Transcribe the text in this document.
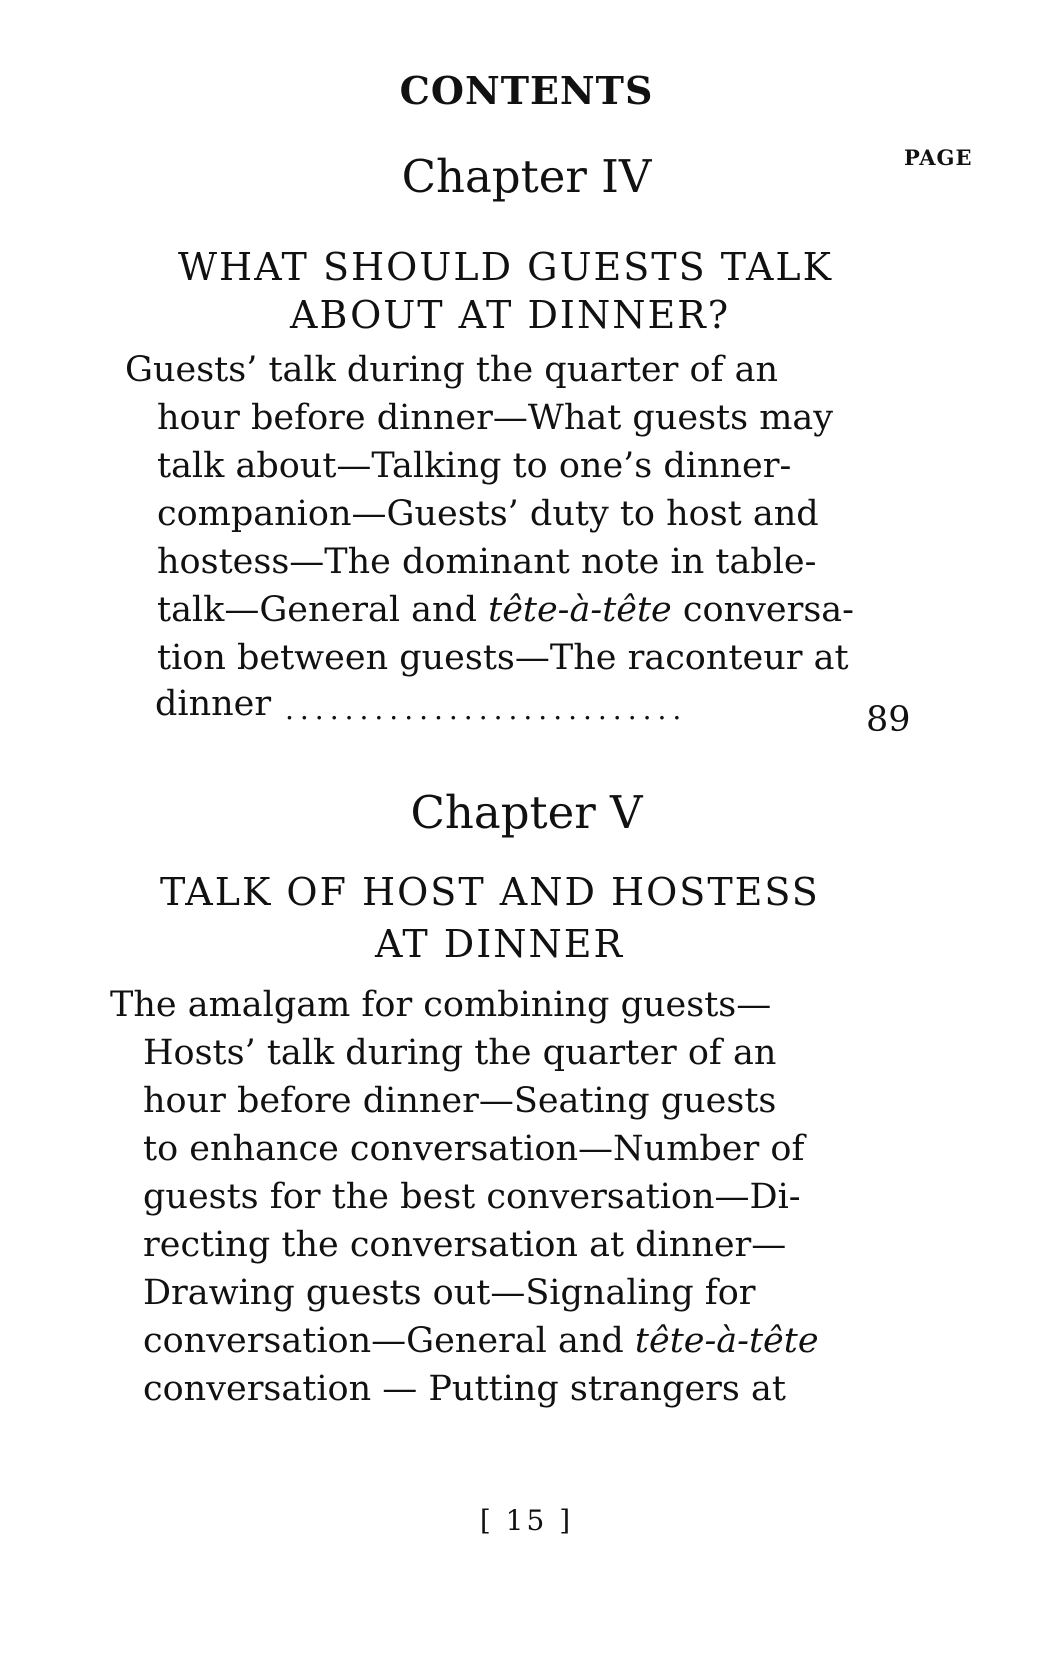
CONTENTS
PAGE
Chapter IV
WHAT SHOULD GUESTS TALK
ABOUT AT DINNER?
Guests’ talk during the quarter of an
hour before dinner—What guests may
talk about—Talking to one’s dinner-
companion—Guests’ duty to host and
hostess—The dominant note in table-
talk—General and tête-à-tête conversa-
tion between guests—The raconteur at
dinner ...........................	89
Chapter V
TALK OF HOST AND HOSTESS
AT DINNER
The amalgam for combining guests—
Hosts’ talk during the quarter of an
hour before dinner—Seating guests
to enhance conversation—Number of
guests for the best conversation—Di-
recting the conversation at dinner—
Drawing guests out—Signaling for
conversation—General and tête-à-tête
conversation — Putting strangers at
[ 15 ]
